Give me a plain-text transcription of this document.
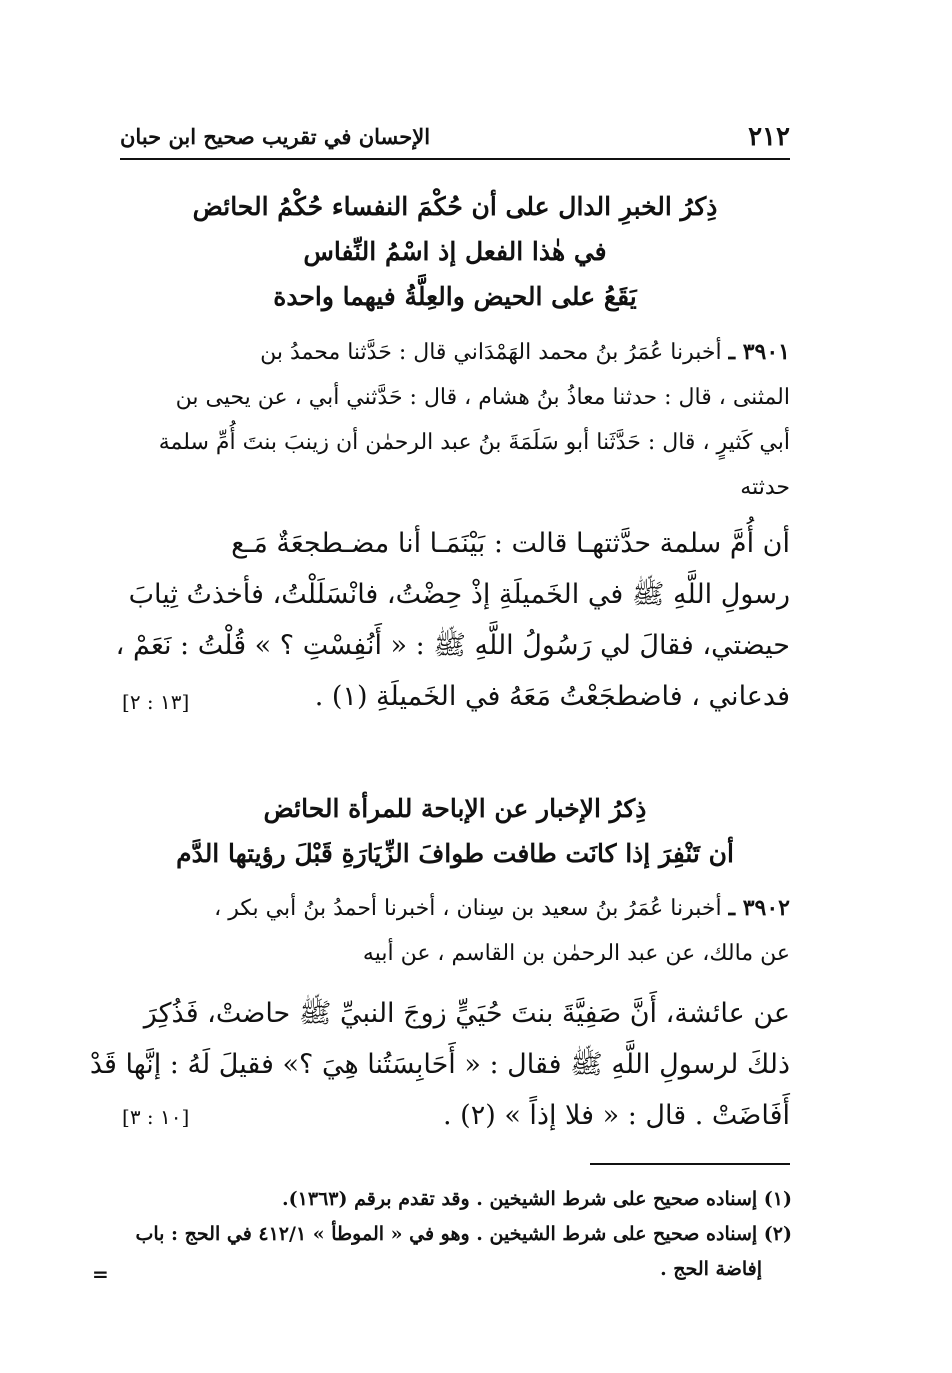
٢١٢
الإحسان في تقريب صحيح ابن حبان
ذِكرُ الخبرِ الدال على أن حُكْمَ النفساء حُكْمُ الحائض
في هٰذا الفعل إذ اسْمُ النِّفاس
يَقَعُ على الحيض والعِلَّةُ فيهما واحدة
٣٩٠١ ـ أخبرنا عُمَرُ بنُ محمد الهَمْدَاني قال : حَدَّثنا محمدُ بن
المثنى ، قال : حدثنا معاذُ بنُ هشام ، قال : حَدَّثني أبي ، عن يحيى بن
أبي كَثيرٍ ، قال : حَدَّثَنا أبو سَلَمَةَ بنُ عبد الرحمٰن أن زينبَ بنتَ أُمِّ سلمة
حدثته
أن أُمَّ سلمة حدَّثتهـا قالت : بَيْنَمَـا أنا مضـطجعَةٌ مَـع
رسولِ اللَّهِ ﷺ في الخَميلَةِ إذْ حِضْتُ، فانْسَلَلْتُ، فأخذتُ ثِيابَ
حيضتي، فقالَ لي رَسُولُ اللَّهِ ﷺ : « أَنُفِسْتِ ؟ » قُلْتُ : نَعَمْ ،
فدعاني ، فاضطجَعْتُ مَعَهُ في الخَميلَةِ (١) .
[١٣ : ٢]
ذِكرُ الإخبار عن الإباحة للمرأة الحائض
أن تَنْفِرَ إذا كانَت طافت طوافَ الزِّيَارَةِ قَبْلَ رؤيتها الدَّم
٣٩٠٢ ـ أخبرنا عُمَرُ بنُ سعيد بن سِنان ، أخبرنا أحمدُ بنُ أبي بكر ،
عن مالك، عن عبد الرحمٰن بن القاسم ، عن أبيه
عن عائشة، أَنَّ صَفِيَّةَ بنتَ حُيَيٍّ زوجَ النبيِّ ﷺ حاضتْ، فَذُكِرَ
ذلكَ لرسولِ اللَّهِ ﷺ فقال : « أَحَابِسَتُنا هِيَ ؟» فقيلَ لَهُ : إنَّها قَدْ
أَفَاضَتْ . قال : « فلا إذاً » (٢) .
[١٠ : ٣]
(١) إسناده صحيح على شرط الشيخين . وقد تقدم برقم (١٣٦٣).
(٢) إسناده صحيح على شرط الشيخين . وهو في « الموطأ » ٤١٢/١ في الحج : باب
إفاضة الحج .
=
